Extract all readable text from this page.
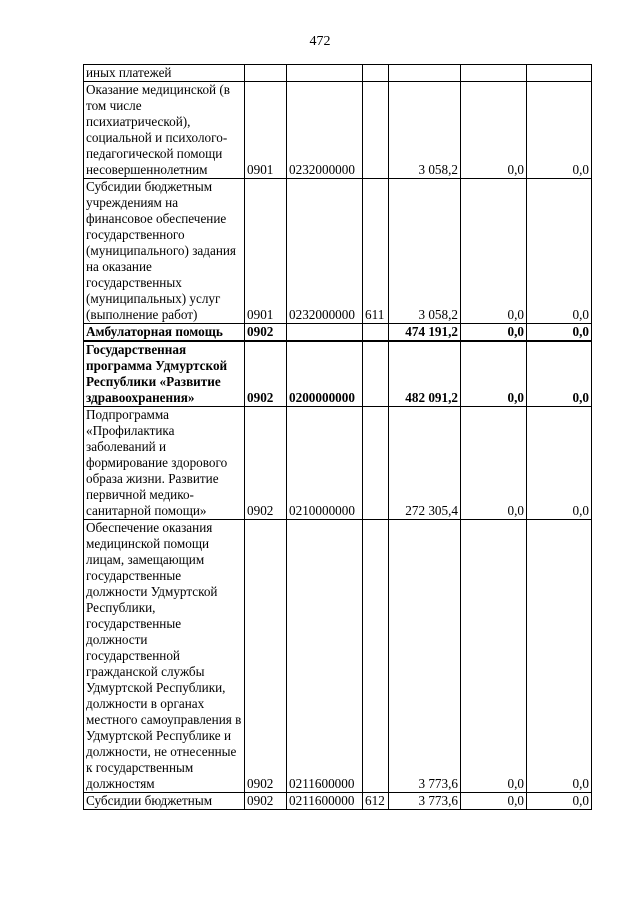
472
иных платежей						
Оказание медицинской (в том числе психиатрической), социальной и психолого-педагогической помощи несовершеннолетним	0901	0232000000		3 058,2	0,0	0,0
Субсидии бюджетным учреждениям на финансовое обеспечение государственного (муниципального) задания на оказание государственных (муниципальных) услуг (выполнение работ)	0901	0232000000	611	3 058,2	0,0	0,0
Амбулаторная помощь	0902			474 191,2	0,0	0,0
Государственная программа Удмуртской Республики «Развитие здравоохранения»	0902	0200000000		482 091,2	0,0	0,0
Подпрограмма «Профилактика заболеваний и формирование здорового образа жизни. Развитие первичной медико-санитарной помощи»	0902	0210000000		272 305,4	0,0	0,0
Обеспечение оказания медицинской помощи лицам, замещающим государственные должности Удмуртской Республики, государственные должности государственной гражданской службы Удмуртской Республики, должности в органах местного самоуправления в Удмуртской Республике и должности, не отнесенные к государственным должностям	0902	0211600000		3 773,6	0,0	0,0
Субсидии бюджетным	0902	0211600000	612	3 773,6	0,0	0,0
